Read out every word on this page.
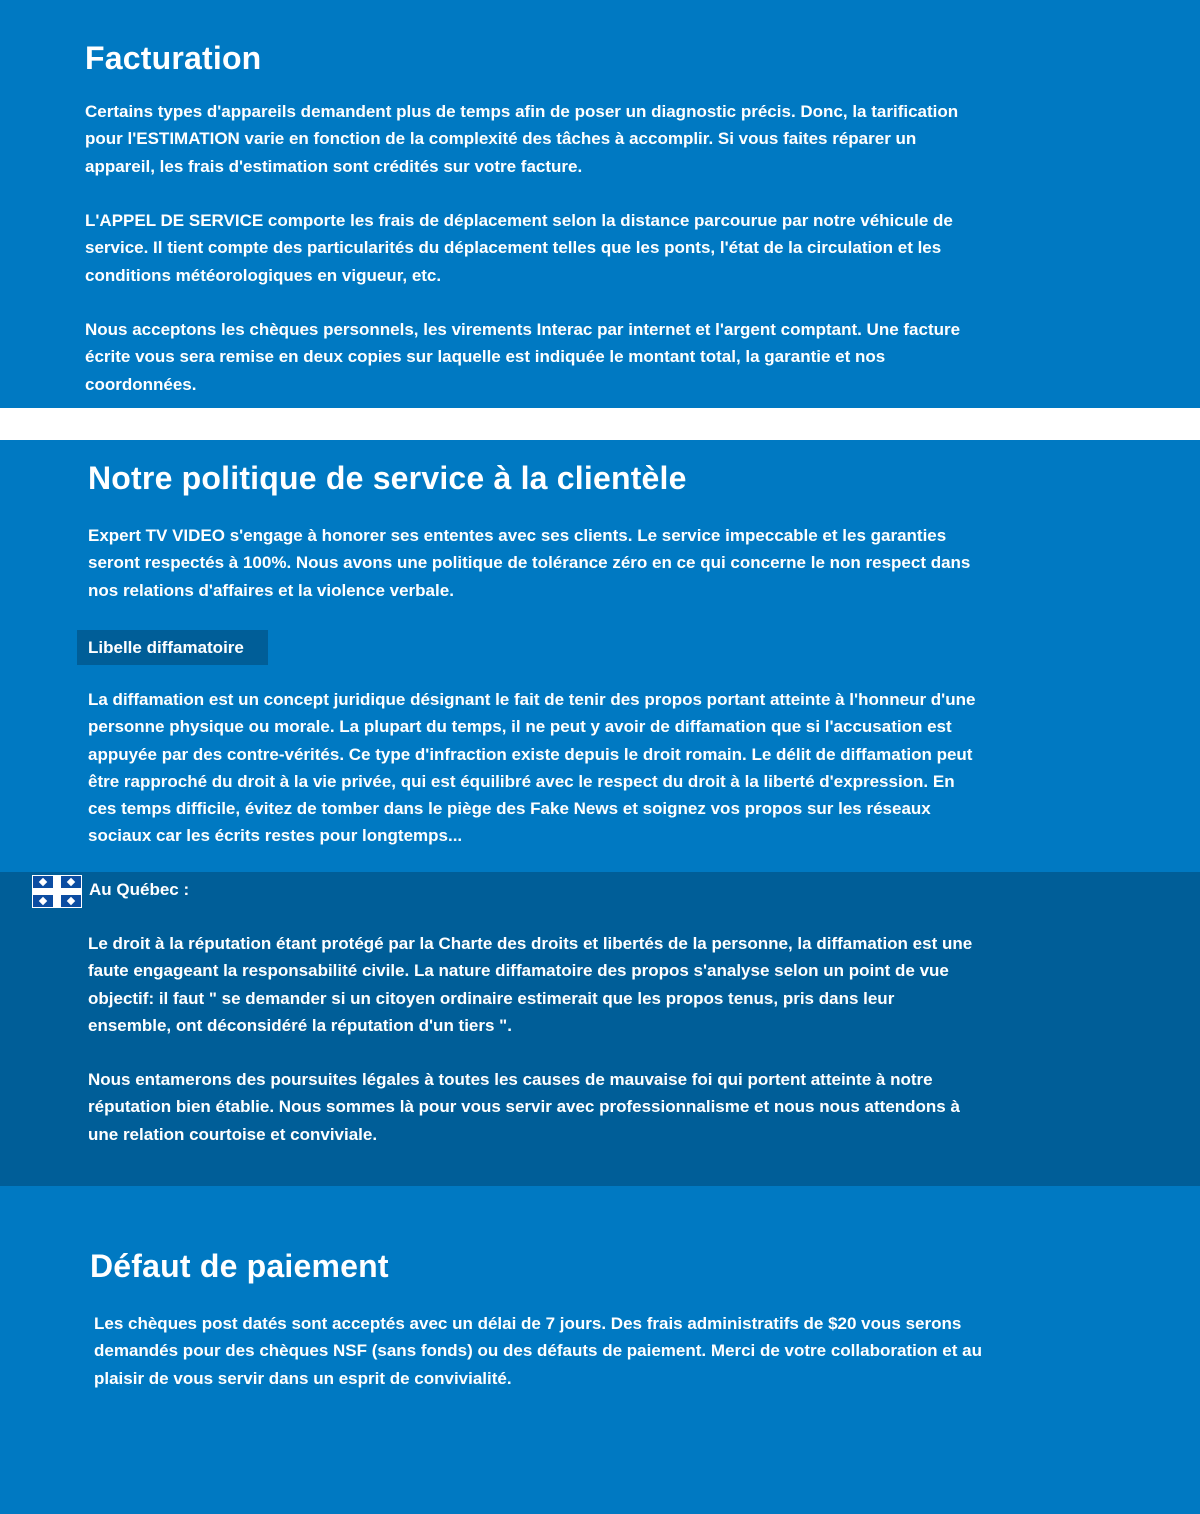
Facturation

Certains types d'appareils demandent plus de temps afin de poser un diagnostic précis. Donc, la tarification pour l'ESTIMATION varie en fonction de la complexité des tâches à accomplir. Si vous faites réparer un appareil, les frais d'estimation sont crédités sur votre facture.

L'APPEL DE SERVICE comporte les frais de déplacement selon la distance parcourue par notre véhicule de service. Il tient compte des particularités du déplacement telles que les ponts, l'état de la circulation et les conditions météorologiques en vigueur, etc.

Nous acceptons les chèques personnels, les virements Interac par internet et l'argent comptant. Une facture écrite vous sera remise en deux copies sur laquelle est indiquée le montant total, la garantie et nos coordonnées.

Notre politique de service à la clientèle

Expert TV VIDEO s'engage à honorer ses ententes avec ses clients. Le service impeccable et les garanties seront respectés à 100%. Nous avons une politique de tolérance zéro en ce qui concerne le non respect dans nos relations d'affaires et la violence verbale.

Libelle diffamatoire

La diffamation est un concept juridique désignant le fait de tenir des propos portant atteinte à l'honneur d'une personne physique ou morale. La plupart du temps, il ne peut y avoir de diffamation que si l'accusation est appuyée par des contre-vérités. Ce type d'infraction existe depuis le droit romain. Le délit de diffamation peut être rapproché du droit à la vie privée, qui est équilibré avec le respect du droit à la liberté d'expression. En ces temps difficile, évitez de tomber dans le piège des Fake News et soignez vos propos sur les réseaux sociaux car les écrits restes pour longtemps...

Le droit à la réputation étant protégé par la Charte des droits et libertés de la personne, la diffamation est une faute engageant la responsabilité civile. La nature diffamatoire des propos s'analyse selon un point de vue objectif: il faut " se demander si un citoyen ordinaire estimerait que les propos tenus, pris dans leur ensemble, ont déconsidéré la réputation d'un tiers ".

Nous entamerons des poursuites légales à toutes les causes de mauvaise foi qui portent atteinte à notre réputation bien établie. Nous sommes là pour vous servir avec professionnalisme et nous nous attendons à une relation courtoise et conviviale.

Au Québec :
Défaut de paiement

Les chèques post datés sont acceptés avec un délai de 7 jours. Des frais administratifs de $20 vous serons demandés pour des chèques NSF (sans fonds) ou des défauts de paiement. Merci de votre collaboration et au plaisir de vous servir dans un esprit de convivialité.
